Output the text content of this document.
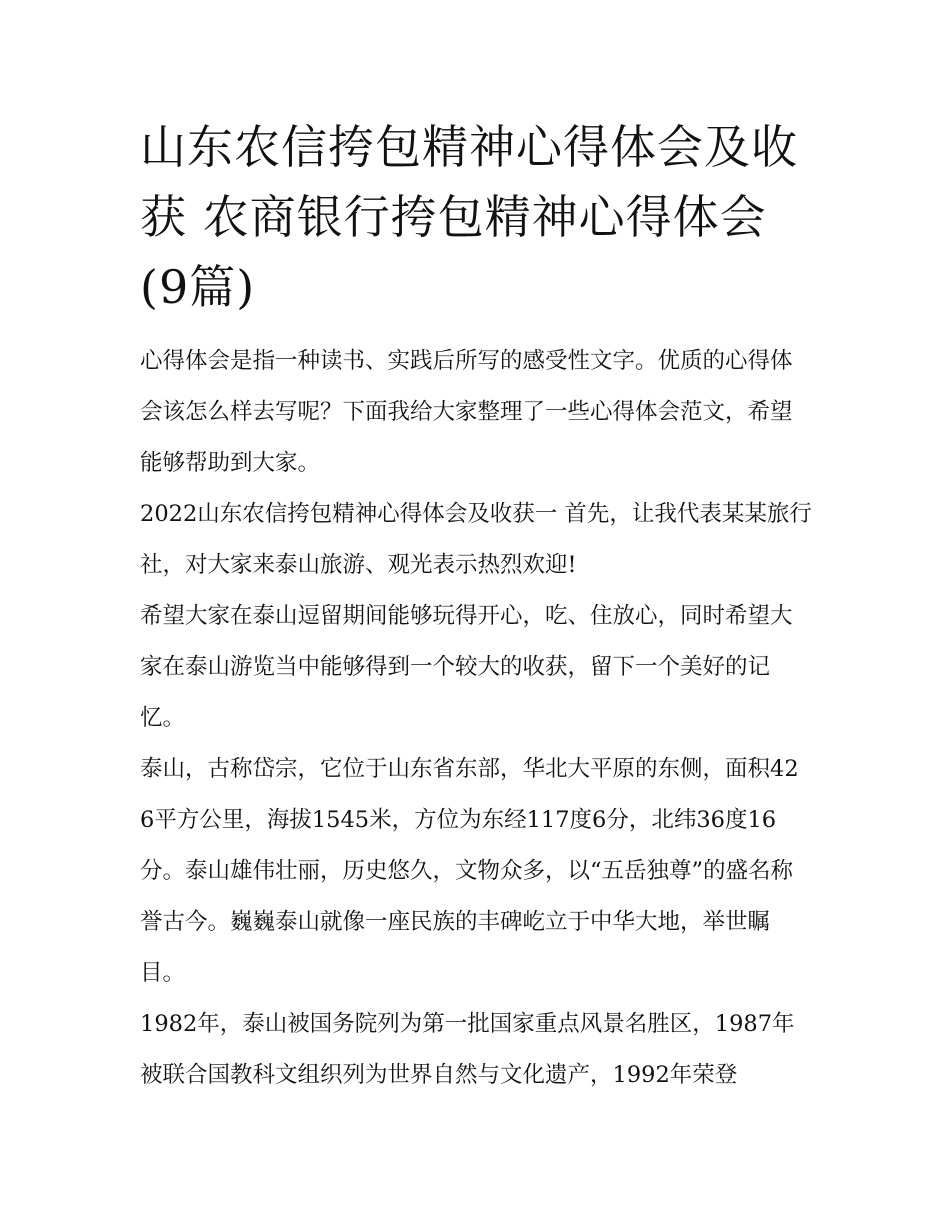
山东农信挎包精神心得体会及收获 农商银行挎包精神心得体会(9篇)

心得体会是指一种读书、实践后所写的感受性文字。优质的心得体会该怎么样去写呢？下面我给大家整理了一些心得体会范文，希望能够帮助到大家。

2022山东农信挎包精神心得体会及收获一 首先，让我代表某某旅行社，对大家来泰山旅游、观光表示热烈欢迎!

希望大家在泰山逗留期间能够玩得开心，吃、住放心，同时希望大家在泰山游览当中能够得到一个较大的收获，留下一个美好的记忆。

泰山，古称岱宗，它位于山东省东部，华北大平原的东侧，面积426平方公里，海拔1545米，方位为东经117度6分，北纬36度16分。泰山雄伟壮丽，历史悠久，文物众多，以“五岳独尊”的盛名称誉古今。巍巍泰山就像一座民族的丰碑屹立于中华大地，举世瞩目。

1982年，泰山被国务院列为第一批国家重点风景名胜区，1987年被联合国教科文组织列为世界自然与文化遗产，1992年荣登
